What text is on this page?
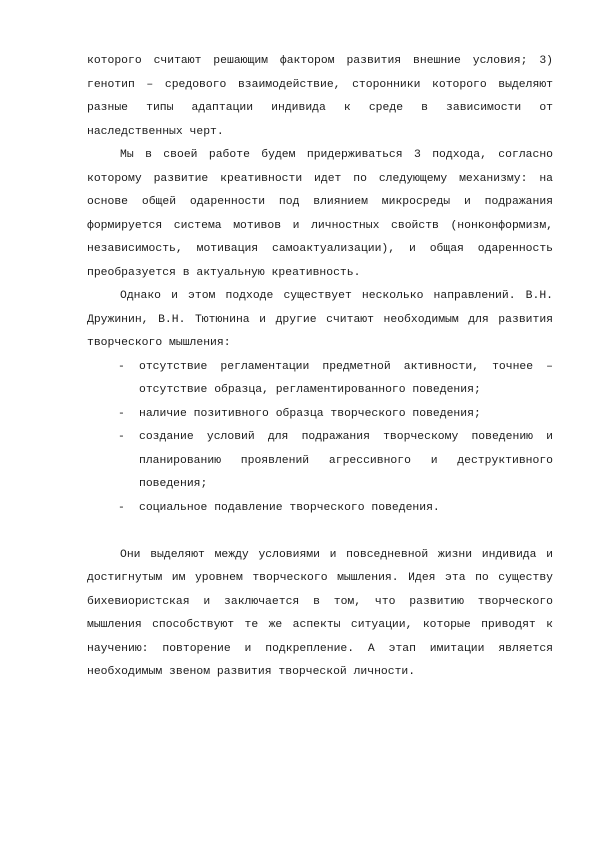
которого считают решающим фактором развития внешние условия; 3) генотип – средового взаимодействие, сторонники которого выделяют разные типы адаптации индивида к среде в зависимости от наследственных черт.

Мы в своей работе будем придерживаться 3 подхода, согласно которому развитие креативности идет по следующему механизму: на основе общей одаренности под влиянием микросреды и подражания формируется система мотивов и личностных свойств (нонконформизм, независимость, мотивация самоактуализации), и общая одаренность преобразуется в актуальную креативность.

Однако и этом подходе существует несколько направлений. В.Н. Дружинин, В.Н. Тютюнина и другие считают необходимым для развития творческого мышления:

- отсутствие регламентации предметной активности, точнее – отсутствие образца, регламентированного поведения;
- наличие позитивного образца творческого поведения;
- создание условий для подражания творческому поведению и планированию проявлений агрессивного и деструктивного поведения;
- социальное подавление творческого поведения.

Они выделяют между условиями и повседневной жизни индивида и достигнутым им уровнем творческого мышления. Идея эта по существу бихевиористская и заключается в том, что развитию творческого мышления способствуют те же аспекты ситуации, которые приводят к научению: повторение и подкрепление. А этап имитации является необходимым звеном развития творческой личности.
